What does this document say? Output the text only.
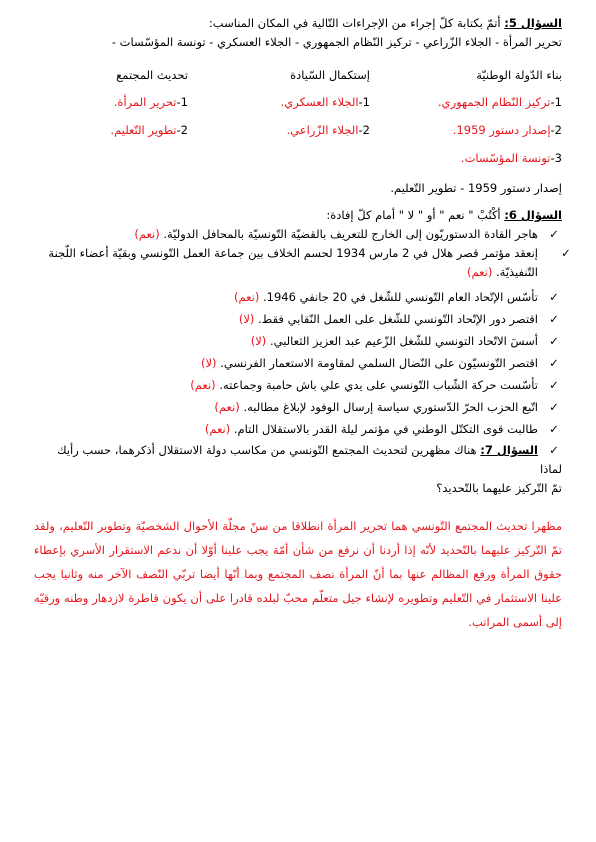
السؤال 5: أتمّ بكتابة كلّ إجراء من الإجراءات التّالية في المكان المناسب:
تحرير المرأة - الجلاء الزّراعي - تركيز النّظام الجمهوري - الجلاء العسكري - تونسة المؤسّسات -
بناء الدّولة الوطنيّة
1-تركيز النّظام الجمهوري.
2-إصدار دستور 1959.
3-تونسة المؤسّسات.
إستكمال السّيادة
1-الجلاء العسكري.
2-الجلاء الزّراعي.
تحديث المجتمع
1-تحرير المرأة.
2-تطوير التّعليم.
إصدار دستور 1959 - تطوير التّعليم.
السؤال 6: أكْتُبْ " نعم " أو " لا " أمام كلّ إفادة:
✓هاجر القادة الدستوريّون إلى الخارج للتعريف بالقضيّة التّونسيّة بالمحافل الدوليّة. (نعم)
✓إنعقد مؤتمر قصر هلال في 2 مارس 1934 لحسم الخلاف بين جماعة العمل التّونسي وبقيّة أعضاء اللّجنة التّنفيذيّة. (نعم)
✓تأسّس الإتّحاد العام التّونسي للشّغل في 20 جانفي 1946. (نعم)
✓اقتصر دور الإتّحاد التّونسي للشّغل على العمل النّقابي فقط. (لا)
✓أسسَ الاتّحاد التونسي للشّغل الزّعيم عبد العزيز الثعالبي. (لا)
✓اقتصر التّونسيّون على النّضال السلمي لمقاومة الاستعمار الفرنسي. (لا)
✓تأسّست حركة الشّباب التّونسي على يدي علي باش حامبة وجماعته. (نعم)
✓اتّبع الحزب الحرّ الدّستوري سياسة إرسال الوفود لإبلاغ مطالبه. (نعم)
✓طالبت قوى التكتّل الوطني في مؤتمر ليلة القدر بالاستقلال التام. (نعم)
✓السؤال 7: هناك مظهرين لتحديث المجتمع التّونسي من مكاسب دولة الاستقلال أذكرهما، حسب رأيك لماذا
تمّ التّركيز عليهما بالتّحديد؟
مظهرا تحديث المجتمع التّونسي هما تحرير المرأة انطلاقا من سنّ مجلّة الأحوال الشخصيّة وتطوير التّعليم، ولقد تمّ التّركيز عليهما بالتّحديد لأنّه إذا أردنا أن نرفع من شأن أمّة يجب علينا أوّلا أن ندعم الاستقرار الأسري بإعطاء حقوق المرأة ورفع المظالم عنها بما أنّ المرأة نصف المجتمع وبما أنّها أيضا تربّي النّصف الآخر منه وثانيا يجب علينا الاستثمار في التّعليم وتطويره لإنشاء جيل متعلّم محبّ لبلده قادرا على أن يكون قاطرة لازدهار وطنه ورقيّه إلى أسمى المراتب.
